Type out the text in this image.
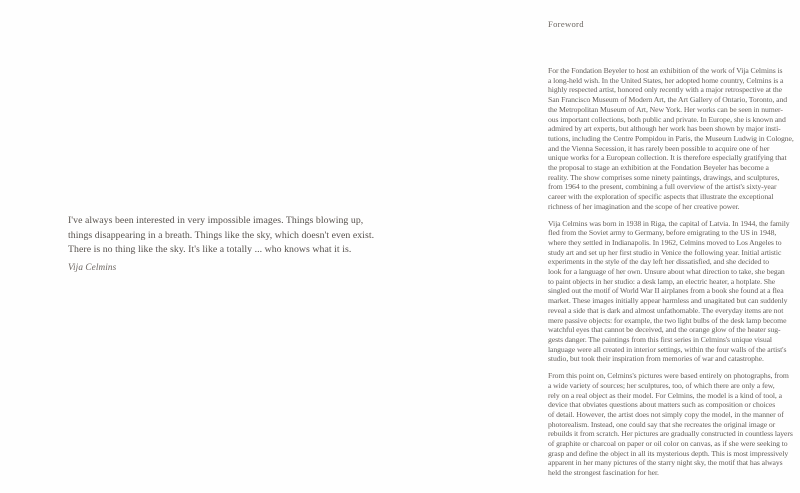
I've always been interested in very impossible images. Things blowing up,
things disappearing in a breath. Things like the sky, which doesn't even exist.
There is no thing like the sky. It's like a totally ... who knows what it is.
Vija Celmins
Foreword
For the Fondation Beyeler to host an exhibition of the work of Vija Celmins is
a long-held wish. In the United States, her adopted home country, Celmins is a
highly respected artist, honored only recently with a major retrospective at the
San Francisco Museum of Modern Art, the Art Gallery of Ontario, Toronto, and
the Metropolitan Museum of Art, New York. Her works can be seen in numer-
ous important collections, both public and private. In Europe, she is known and
admired by art experts, but although her work has been shown by major insti-
tutions, including the Centre Pompidou in Paris, the Museum Ludwig in Cologne,
and the Vienna Secession, it has rarely been possible to acquire one of her
unique works for a European collection. It is therefore especially gratifying that
the proposal to stage an exhibition at the Fondation Beyeler has become a
reality. The show comprises some ninety paintings, drawings, and sculptures,
from 1964 to the present, combining a full overview of the artist's sixty-year
career with the exploration of specific aspects that illustrate the exceptional
richness of her imagination and the scope of her creative power.
Vija Celmins was born in 1938 in Riga, the capital of Latvia. In 1944, the family
fled from the Soviet army to Germany, before emigrating to the US in 1948,
where they settled in Indianapolis. In 1962, Celmins moved to Los Angeles to
study art and set up her first studio in Venice the following year. Initial artistic
experiments in the style of the day left her dissatisfied, and she decided to
look for a language of her own. Unsure about what direction to take, she began
to paint objects in her studio: a desk lamp, an electric heater, a hotplate. She
singled out the motif of World War II airplanes from a book she found at a flea
market. These images initially appear harmless and unagitated but can suddenly
reveal a side that is dark and almost unfathomable. The everyday items are not
mere passive objects: for example, the two light bulbs of the desk lamp become
watchful eyes that cannot be deceived, and the orange glow of the heater sug-
gests danger. The paintings from this first series in Celmins's unique visual
language were all created in interior settings, within the four walls of the artist's
studio, but took their inspiration from memories of war and catastrophe.
From this point on, Celmins's pictures were based entirely on photographs, from
a wide variety of sources; her sculptures, too, of which there are only a few,
rely on a real object as their model. For Celmins, the model is a kind of tool, a
device that obviates questions about matters such as composition or choices
of detail. However, the artist does not simply copy the model, in the manner of
photorealism. Instead, one could say that she recreates the original image or
rebuilds it from scratch. Her pictures are gradually constructed in countless layers
of graphite or charcoal on paper or oil color on canvas, as if she were seeking to
grasp and define the object in all its mysterious depth. This is most impressively
apparent in her many pictures of the starry night sky, the motif that has always
held the strongest fascination for her.
